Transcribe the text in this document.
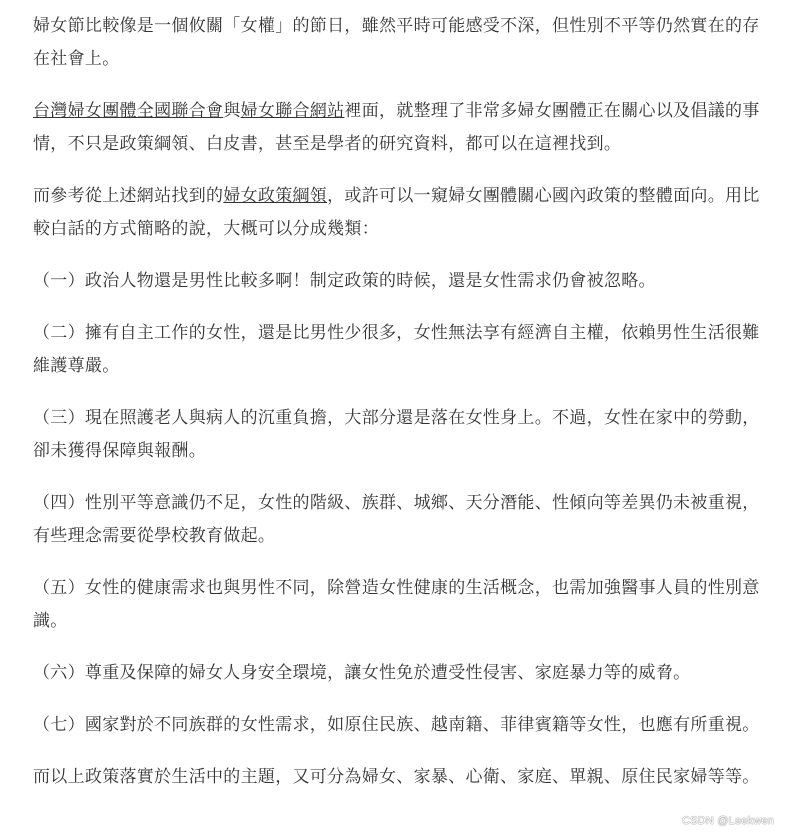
婦女節比較像是一個攸關「女權」的節日，雖然平時可能感受不深，但性別不平等仍然實在的存在社會上。

台灣婦女團體全國聯合會與婦女聯合網站裡面，就整理了非常多婦女團體正在關心以及倡議的事情，不只是政策綱領、白皮書，甚至是學者的研究資料，都可以在這裡找到。

而參考從上述網站找到的婦女政策綱領，或許可以一窺婦女團體關心國內政策的整體面向。用比較白話的方式簡略的說，大概可以分成幾類：

（一）政治人物還是男性比較多啊！制定政策的時候，還是女性需求仍會被忽略。

（二）擁有自主工作的女性，還是比男性少很多，女性無法享有經濟自主權，依賴男性生活很難維護尊嚴。

（三）現在照護老人與病人的沉重負擔，大部分還是落在女性身上。不過，女性在家中的勞動，卻未獲得保障與報酬。

（四）性別平等意識仍不足，女性的階級、族群、城鄉、天分潛能、性傾向等差異仍未被重視，有些理念需要從學校教育做起。

（五）女性的健康需求也與男性不同，除營造女性健康的生活概念，也需加強醫事人員的性別意識。

（六）尊重及保障的婦女人身安全環境，讓女性免於遭受性侵害、家庭暴力等的威脅。

（七）國家對於不同族群的女性需求，如原住民族、越南籍、菲律賓籍等女性，也應有所重視。

而以上政策落實於生活中的主題，又可分為婦女、家暴、心衛、家庭、單親、原住民家婦等等。

CSDN @Leekwen
